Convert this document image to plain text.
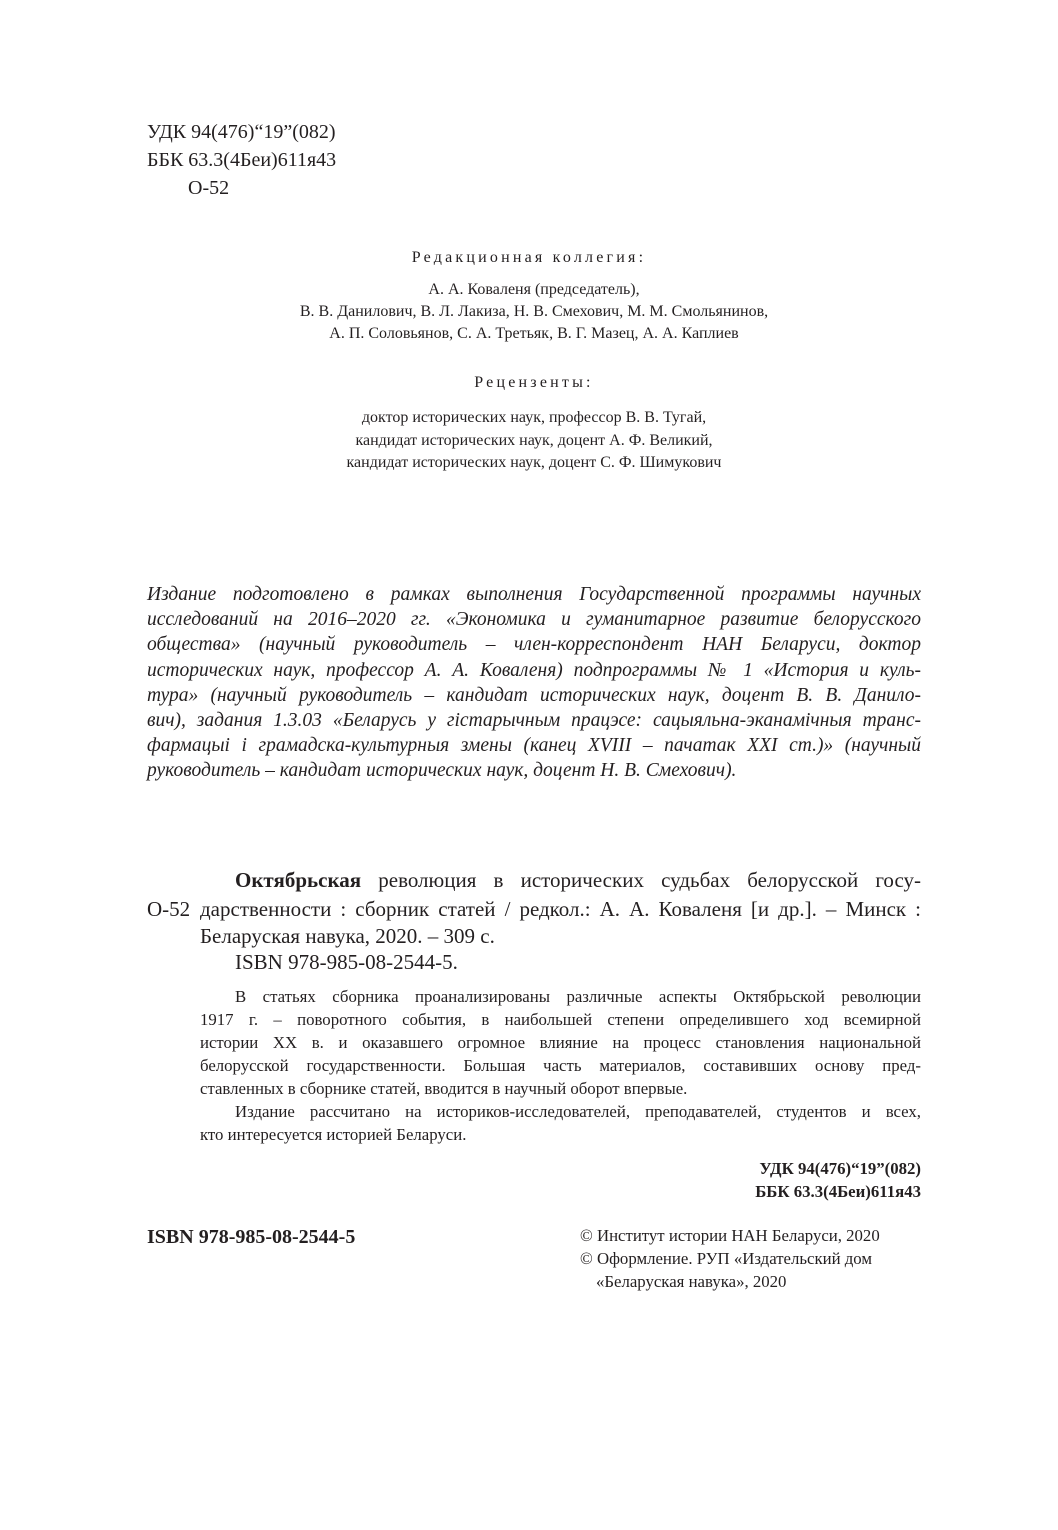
УДК 94(476)“19”(082)
ББК 63.3(4Беи)611я43
О-52
Редакционная коллегия:
А. А. Коваленя (председатель),
В. В. Данилович, В. Л. Лакиза, Н. В. Смехович, М. М. Смольянинов,
А. П. Соловьянов, С. А. Третьяк, В. Г. Мазец, А. А. Каплиев
Рецензенты:
доктор исторических наук, профессор В. В. Тугай,
кандидат исторических наук, доцент А. Ф. Великий,
кандидат исторических наук, доцент С. Ф. Шимукович
Издание подготовлено в рамках выполнения Государственной программы научных
исследований на 2016–2020 гг. «Экономика и гуманитарное развитие белорусского
общества» (научный руководитель – член-корреспондент НАН Беларуси, доктор
исторических наук, профессор А. А. Коваленя) подпрограммы № 1 «История и куль-
тура» (научный руководитель – кандидат исторических наук, доцент В. В. Данило-
вич), задания 1.3.03 «Беларусь у гістарычным працэсе: сацыяльна-эканамічныя транс-
фармацыі і грамадска-культурныя змены (канец XVIII – пачатак XXI ст.)» (научный
руководитель – кандидат исторических наук, доцент Н. В. Смехович).
Октябрьская революция в исторических судьбах белорусской госу-
О-52 дарственности : сборник статей / редкол.: А. А. Коваленя [и др.]. – Минск :
Беларуская навука, 2020. – 309 с.
ISBN 978-985-08-2544-5.
В статьях сборника проанализированы различные аспекты Октябрьской революции
1917 г. – поворотного события, в наибольшей степени определившего ход всемирной
истории XX в. и оказавшего огромное влияние на процесс становления национальной
белорусской государственности. Большая часть материалов, составивших основу пред-
ставленных в сборнике статей, вводится в научный оборот впервые.
Издание рассчитано на историков-исследователей, преподавателей, студентов и всех,
кто интересуется историей Беларуси.
УДК 94(476)“19”(082)
ББК 63.3(4Беи)611я43
ISBN 978-985-08-2544-5	© Институт истории НАН Беларуси, 2020
© Оформление. РУП «Издательский дом
«Беларуская навука», 2020
